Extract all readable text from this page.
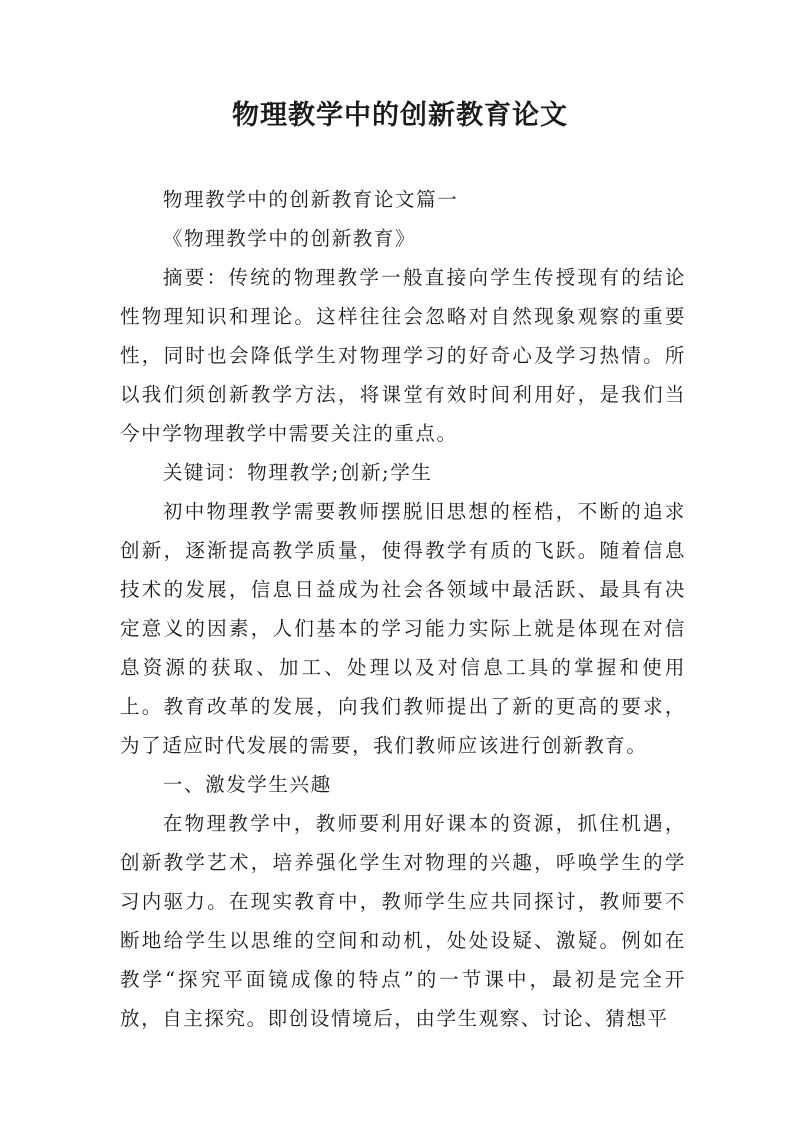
物理教学中的创新教育论文

物理教学中的创新教育论文篇一

《物理教学中的创新教育》

摘要：传统的物理教学一般直接向学生传授现有的结论性物理知识和理论。这样往往会忽略对自然现象观察的重要性，同时也会降低学生对物理学习的好奇心及学习热情。所以我们须创新教学方法，将课堂有效时间利用好，是我们当今中学物理教学中需要关注的重点。

关键词：物理教学;创新;学生

初中物理教学需要教师摆脱旧思想的桎梏，不断的追求创新，逐渐提高教学质量，使得教学有质的飞跃。随着信息技术的发展，信息日益成为社会各领域中最活跃、最具有决定意义的因素，人们基本的学习能力实际上就是体现在对信息资源的获取、加工、处理以及对信息工具的掌握和使用上。教育改革的发展，向我们教师提出了新的更高的要求，为了适应时代发展的需要，我们教师应该进行创新教育。

一、激发学生兴趣

在物理教学中，教师要利用好课本的资源，抓住机遇，创新教学艺术，培养强化学生对物理的兴趣，呼唤学生的学习内驱力。在现实教育中，教师学生应共同探讨，教师要不断地给学生以思维的空间和动机，处处设疑、激疑。例如在教学“探究平面镜成像的特点”的一节课中，最初是完全开放，自主探究。即创设情境后，由学生观察、讨论、猜想平
